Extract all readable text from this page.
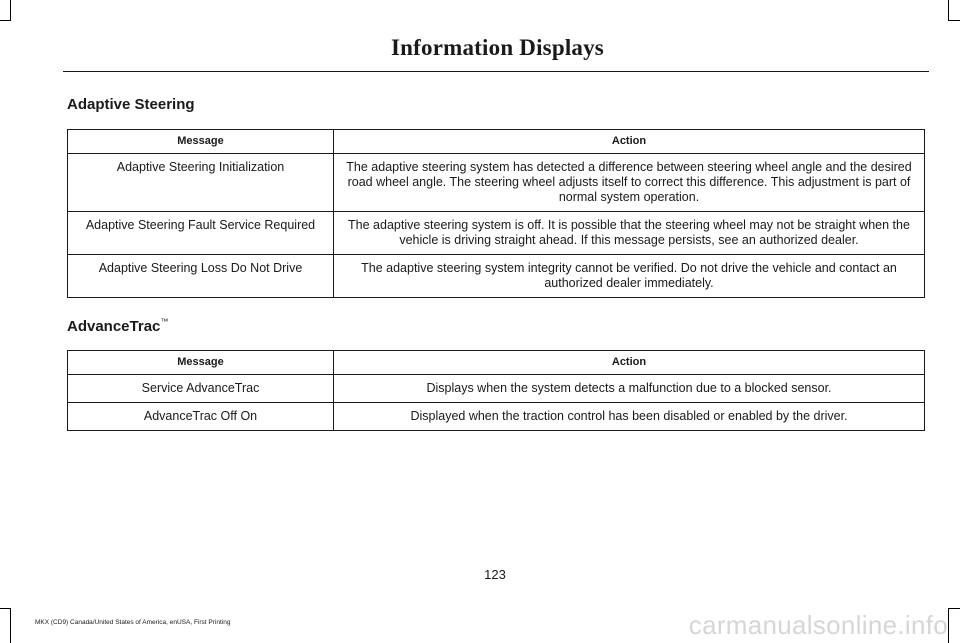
Information Displays
Adaptive Steering
Message	Action
Adaptive Steering Initialization	The adaptive steering system has detected a difference between steering wheel angle and the desired road wheel angle. The steering wheel adjusts itself to correct this difference. This adjustment is part of normal system operation.
Adaptive Steering Fault Service Required	The adaptive steering system is off. It is possible that the steering wheel may not be straight when the vehicle is driving straight ahead. If this message persists, see an authorized dealer.
Adaptive Steering Loss Do Not Drive	The adaptive steering system integrity cannot be verified. Do not drive the vehicle and contact an authorized dealer immediately.
AdvanceTrac™
Message	Action
Service AdvanceTrac	Displays when the system detects a malfunction due to a blocked sensor.
AdvanceTrac Off On	Displayed when the traction control has been disabled or enabled by the driver.
123
MKX (CD9) Canada/United States of America, enUSA, First Printing	carmanualsonline.info
